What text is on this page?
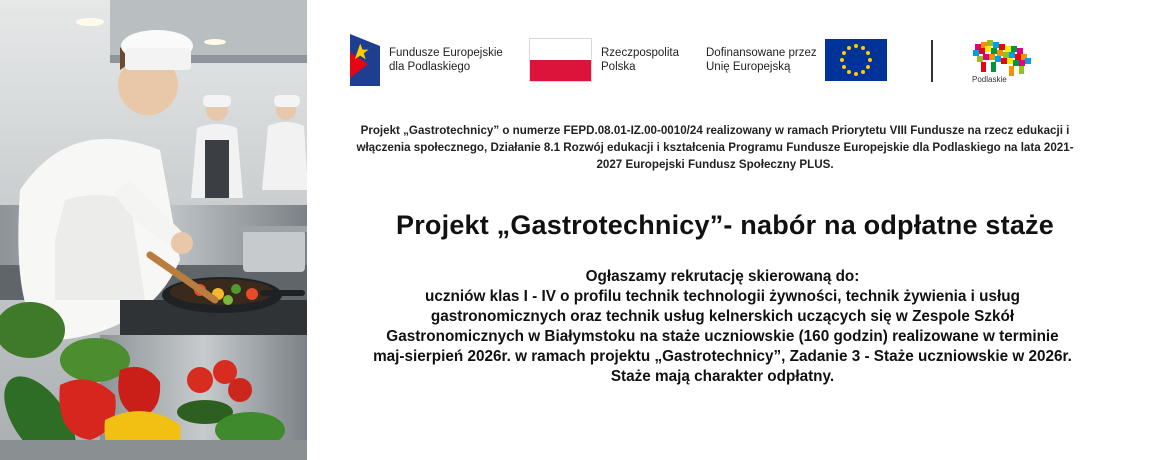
Fundusze Europejskie
dla Podlaskiego
Rzeczpospolita
Polska
Dofinansowane przez
Unię Europejską
Podlaskie
Projekt „Gastrotechnicy” o numerze FEPD.08.01-IZ.00-0010/24 realizowany w ramach Priorytetu VIII Fundusze na rzecz edukacji i włączenia społecznego, Działanie 8.1 Rozwój edukacji i kształcenia Programu Fundusze Europejskie dla Podlaskiego na lata 2021-2027 Europejski Fundusz Społeczny PLUS.
Projekt „Gastrotechnicy”- nabór na odpłatne staże
Ogłaszamy rekrutację skierowaną do:
uczniów klas I - IV o profilu technik technologii żywności, technik żywienia i usług gastronomicznych oraz technik usług kelnerskich uczących się w Zespole Szkół Gastronomicznych w Białymstoku na staże uczniowskie (160 godzin) realizowane w terminie maj-sierpień 2026r. w ramach projektu „Gastrotechnicy”, Zadanie 3 - Staże uczniowskie w 2026r.
Staże mają charakter odpłatny.
